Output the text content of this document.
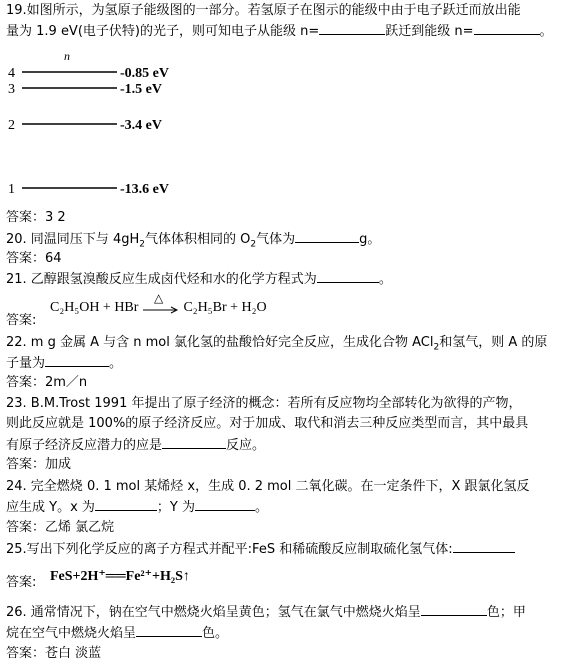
19.如图所示，为氢原子能级图的一部分。若氢原子在图示的能级中由于电子跃迁而放出能
量为 1.9 eV(电子伏特)的光子，则可知电子从能级 n=	跃迁到能级 n=	。
n
4
3
2
1
-0.85 eV
-1.5 eV
-3.4 eV
-13.6 eV
答案：3 2
20. 同温同压下与 $4gH_2$气体体积相同的 $O_2$气体为	g。
答案：64
21. 乙醇跟氢溴酸反应生成卤代烃和水的化学方程式为	。
答案:
C₂H₅OH + HBr
△
C₂H₅Br + H₂O
22. m g 金属 A 与含 n mol 氯化氢的盐酸恰好完全反应，生成化合物 ACl$_2$和氢气，则 A 的原
子量为	。
答案：2m／n
23. B.M.Trost 1991 年提出了原子经济的概念：若所有反应物均全部转化为欲得的产物，
则此反应就是 100%的原子经济反应。对于加成、取代和消去三种反应类型而言，其中最具
有原子经济反应潜力的应是	反应。
答案：加成
24. 完全燃烧 0. 1 mol 某烯烃 x，生成 0. 2 mol 二氧化碳。在一定条件下，X 跟氯化氢反
应生成 Y。x 为	；Y 为	。
答案：乙烯 氯乙烷
25.写出下列化学反应的离子方程式并配平:FeS 和稀硫酸反应制取硫化氢气体:
答案: FeS+2H⁺══Fe²⁺+H₂S↑
26. 通常情况下，钠在空气中燃烧火焰呈黄色；氢气在氯气中燃烧火焰呈	色；甲
烷在空气中燃烧火焰呈	色。
答案：苍白 淡蓝
